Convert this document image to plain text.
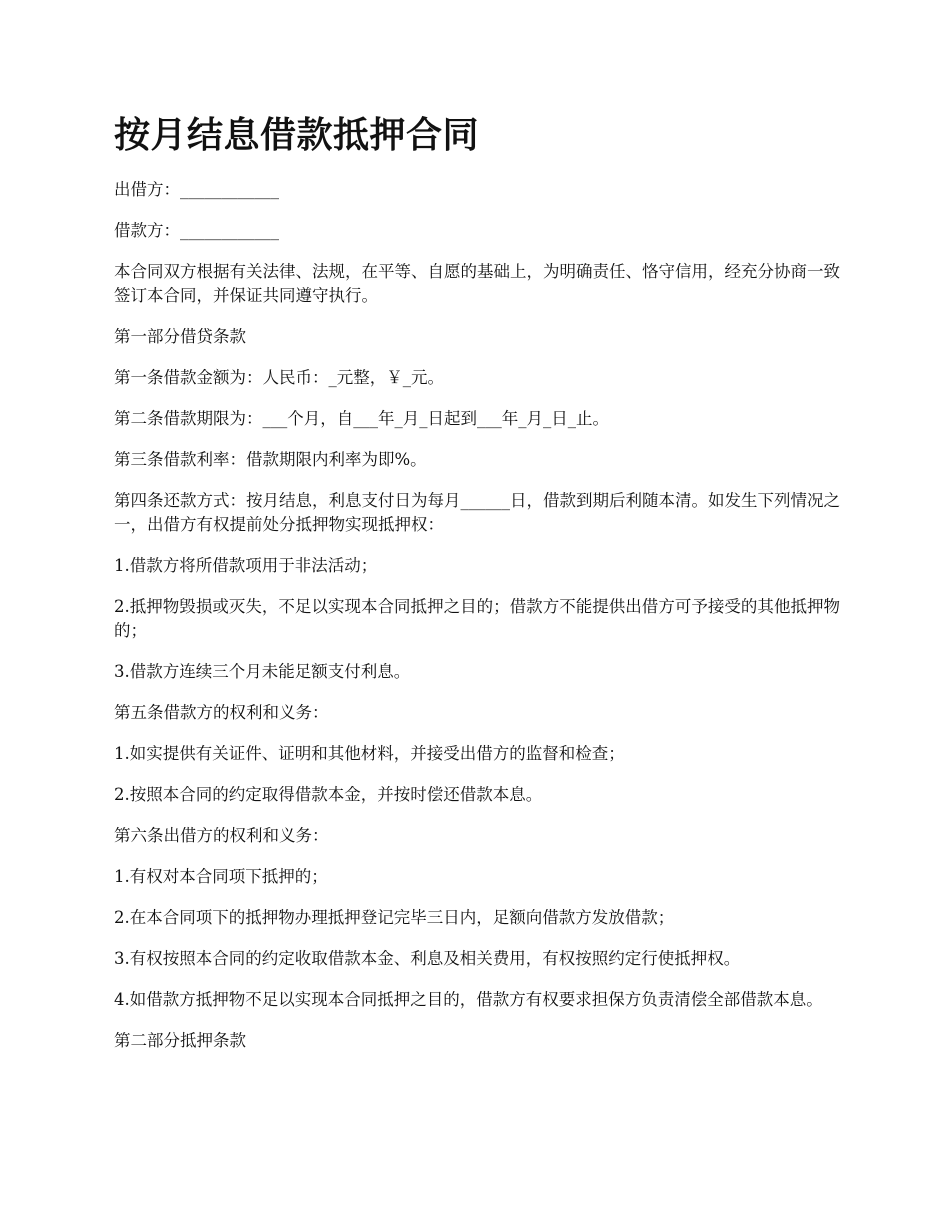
按月结息借款抵押合同

出借方：____________

借款方：____________

本合同双方根据有关法律、法规，在平等、自愿的基础上，为明确责任、恪守信用，经充分协商一致签订本合同，并保证共同遵守执行。

第一部分借贷条款

第一条借款金额为：人民币：_元整，￥_元。

第二条借款期限为：___个月，自___年_月_日起到___年_月_日_止。

第三条借款利率：借款期限内利率为即%。

第四条还款方式：按月结息，利息支付日为每月______日，借款到期后利随本清。如发生下列情况之一，出借方有权提前处分抵押物实现抵押权：

1.借款方将所借款项用于非法活动；

2.抵押物毁损或灭失，不足以实现本合同抵押之目的；借款方不能提供出借方可予接受的其他抵押物的；

3.借款方连续三个月未能足额支付利息。

第五条借款方的权利和义务：

1.如实提供有关证件、证明和其他材料，并接受出借方的监督和检查；

2.按照本合同的约定取得借款本金，并按时偿还借款本息。

第六条出借方的权利和义务：

1.有权对本合同项下抵押的；

2.在本合同项下的抵押物办理抵押登记完毕三日内，足额向借款方发放借款；

3.有权按照本合同的约定收取借款本金、利息及相关费用，有权按照约定行使抵押权。

4.如借款方抵押物不足以实现本合同抵押之目的，借款方有权要求担保方负责清偿全部借款本息。

第二部分抵押条款
